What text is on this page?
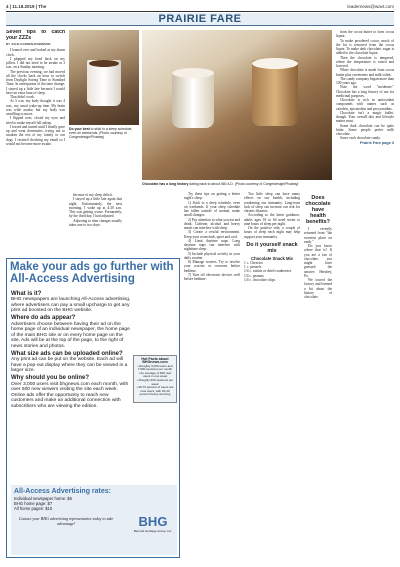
4 | 11.18.2019 | The	leadernews@wavt.com
PRAIRIE FARE
Seven tips to catch your ZZZs
BY JULIE GARDEN-ROBINSON

I leaned over and looked at my alarm clock.

I plopped my head back on my pillow. I did not need to be awake at 3 a.m. on a Sunday morning.

The previous evening, we had moved all the clocks back an hour to switch from Daylight Saving Time to Standard Time. In anticipation of the time change, I stayed up a little late because I would have an extra hour of sleep.

That didn't work.

At 3 a.m. my body thought it was 4 a.m., my usual wake-up time. My brain was wide awake, but my body was unwilling to move.

I flipped over, closed my eyes and tried to make myself fall asleep.

I tossed and turned until I finally gave up and went downstairs, trying not to awaken the rest of my family or our dogs. I resisted checking my email so I would not become more awake.

Do your best to stick to a sleep schedule, even on weekends. (Photo courtesy of Congerdesign/Pixabay)

because of my sleep deficit.

I stayed up a little late again that night. Unfortunately, the next morning, I woke up at 4:30 a.m. This was getting worse. Fortunately, by the third day, I had adjusted.

Adjusting to time changes usually takes one to two days.

Chocolate has a long history dating back to about 460 A.D. (Photo courtesy of Congerdesign/Pixabay)
Make your ads go further with All-Access Advertising
What is it?
BHG newspapers are launching All-Access advertising, where advertisers can pay a small upcharge to get any print ad boosted on the BHG website.
Where do ads appear?
Advertisers choose between having their ad on the home page of an individual newspaper, the home page of the main BHG site or on every home page on the site. Ads will be at the top of the page, to the right of news stories and photos.
What size ads can be uploaded online?
Any print ad can be put on the website. Each ad will have a pop-out display where they can be viewed in a larger size.
Why should you be online?
Over 3,000 users visit bhgnews.com each month, with over 600 new viewers visiting the site each week. Online ads offer the opportunity to reach new customers and make an additional connection with subscribers who are viewing the edition.
Hot Facts about BHGnews.com
• Roughly 3,000 users and 7,000 sessions per month
• An average of 600 new users in one week
• Roughly 600 sessions per week
• 60-70 percent of users are new users, with 30-40 percent being returning
All-Access Advertising rates:
Individual newspaper home: $5
BHG home page: $7
All home pages: $10
Contact your BHG advertising representative today to take advantage!	BHG
Bennett Heritage Group, Inc.

Try these tips on getting a better night's sleep:

1) Stick to a sleep schedule, even on weekends. If your sleep schedule has fallen outside of normal, make small changes.

2) Pay attention to what you eat and drink. Caffeine, alcohol and heavy meals can interfere with sleep.

3) Create a restful environment. Keep your room dark, quiet and cool.

4) Limit daytime naps. Long daytime naps can interfere with nighttime sleep.

5) Include physical activity in your daily routine.

6) Manage worries. Try to resolve your worries or concerns before bedtime.

7) Turn off electronic devices well before bedtime.

Too little sleep can have many effects on our health, including weakening our immunity. Long-term lack of sleep can increase our risk for chronic diseases.

According to the latest guidance, adults ages 18 to 64 need seven to nine hours of sleep per night.

On the positive side, a couple of hours of sleep each night may help support your immunity.

Do it yourself snack mix
Chocolate Snack Mix
1 c. Cheerios
1 c. pretzels
1/4 c. raisins or dried cranberries
1/4 c. peanuts
1/4 c. chocolate chips
Does chocolate have health benefits?

I recently returned from "the sweetest place on earth."

Do you know where that is? If you are a fan of chocolate, you might have guessed the answer: Hershey, Pa.

We toured the factory and learned a bit about the history of chocolate.

from the cocoa butter to form cocoa liquor.

To make powdered cocoa, much of the fat is removed from the cocoa liquor. To make dark chocolate, sugar is added to the chocolate liquor.

Then the chocolate is tempered, where the temperature is raised and lowered.

White chocolate is made from cocoa butter plus sweeteners and milk solids.

The candy company began more than 100 years ago.

Note the word "moderate." Chocolate has a long history of use for medicinal purposes.

Chocolate is rich in antioxidant compounds with names such as catechin, epicatechin and procyanidins.

Chocolate isn't a magic bullet, though. Your overall diet and lifestyle matter most.

Some dark chocolate can be quite bitter. Some people prefer milk chocolate.

Savor each chocolate candy.

Prairie Fare page 3
